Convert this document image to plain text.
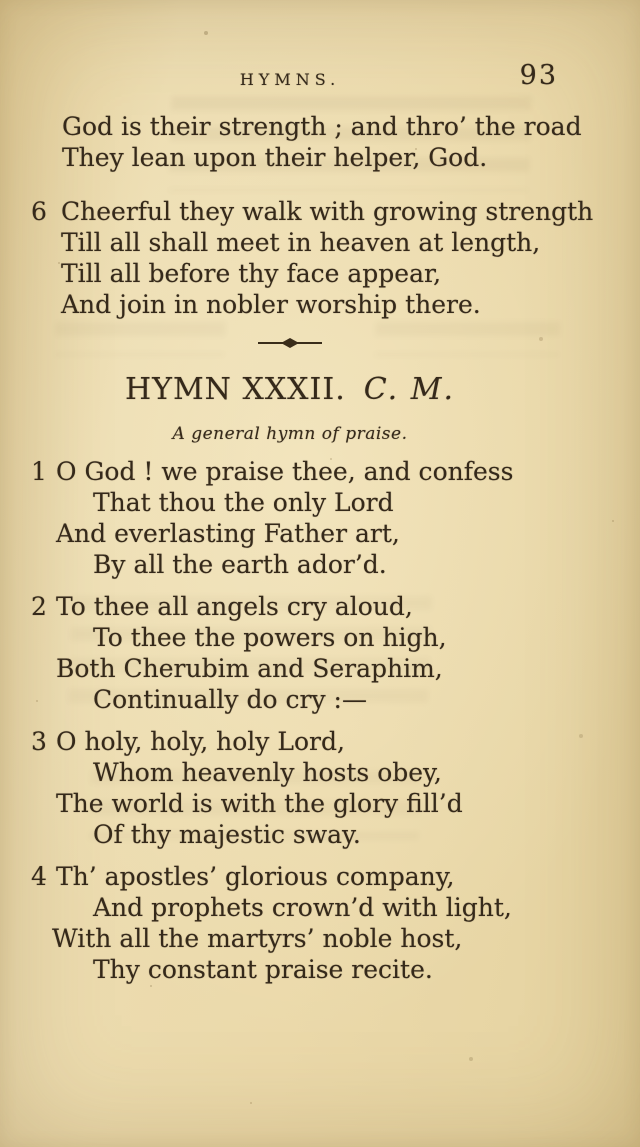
HYMNS.	93
God is their strength ; and thro’ the road
They lean upon their helper, God.
6 Cheerful they walk with growing strength
Till all shall meet in heaven at length,
Till all before thy face appear,
And join in nobler worship there.
HYMN XXXII. C. M.
A general hymn of praise.
1 O God ! we praise thee, and confess
That thou the only Lord
And everlasting Father art,
By all the earth ador’d.
2 To thee all angels cry aloud,
To thee the powers on high,
Both Cherubim and Seraphim,
Continually do cry :—
3 O holy, holy, holy Lord,
Whom heavenly hosts obey,
The world is with the glory fill’d
Of thy majestic sway.
4 Th’ apostles’ glorious company,
And prophets crown’d with light,
With all the martyrs’ noble host,
Thy constant praise recite.
